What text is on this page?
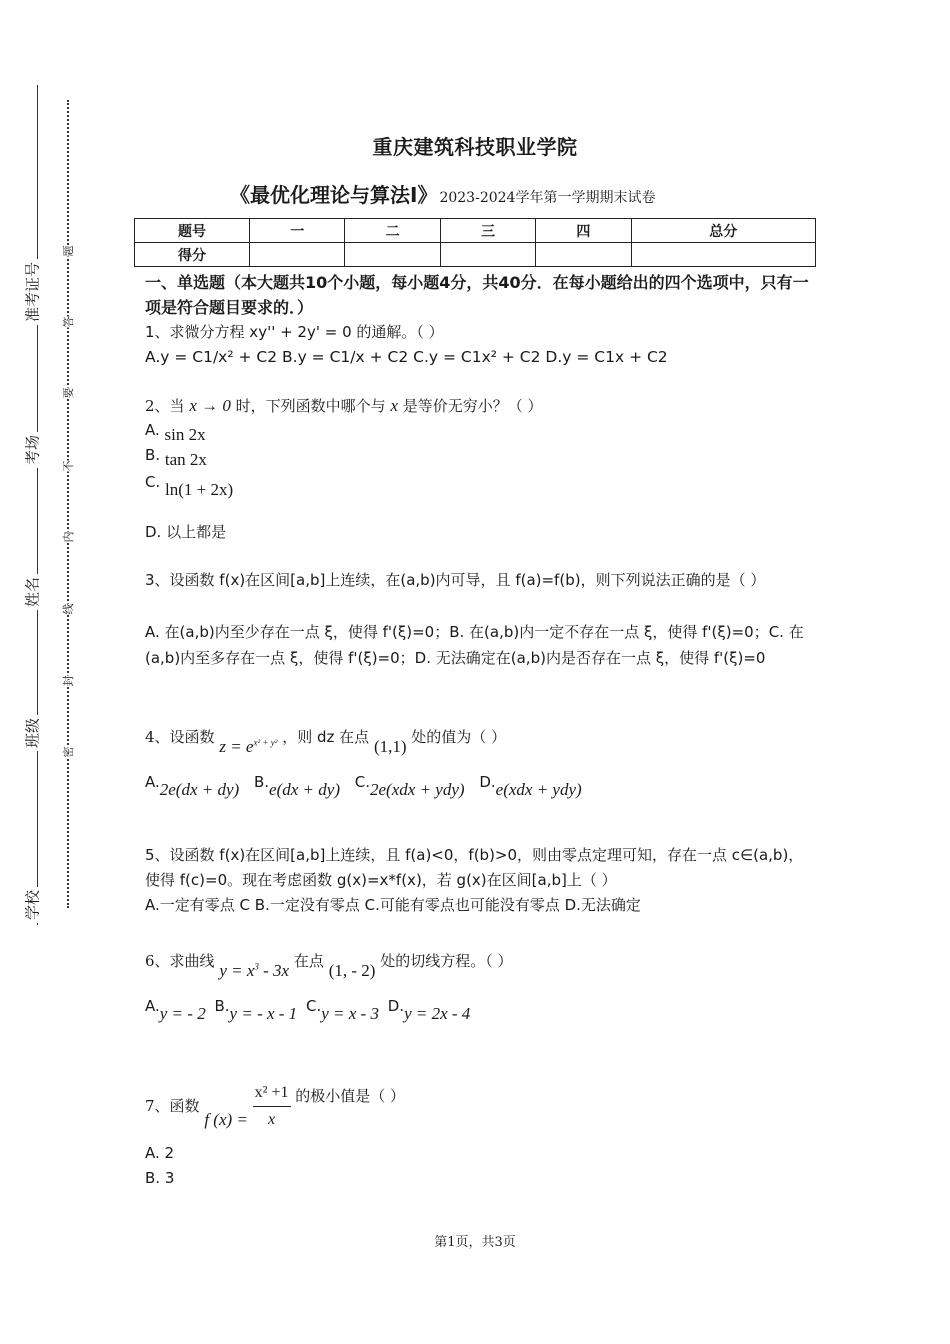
准考证号
考场
姓名
班级
学校
题
答
要
不
内
线
封
密
重庆建筑科技职业学院
《最优化理论与算法Ⅰ》 2023-2024学年第一学期期末试卷
题号	一	二	三	四	总分
得分					
一、单选题（本大题共10个小题，每小题4分，共40分．在每小题给出的四个选项中，只有一项是符合题目要求的．）
1、求微分方程 xy'' + 2y' = 0 的通解。（ ）
A.y = C1/x² + C2 B.y = C1/x + C2 C.y = C1x² + C2 D.y = C1x + C2
2、当 x → 0 时，下列函数中哪个与 x 是等价无穷小？（ ）
A. sin 2x
B. tan 2x
C. ln(1 + 2x)
D. 以上都是
3、设函数 f(x)在区间[a,b]上连续，在(a,b)内可导，且 f(a)=f(b)，则下列说法正确的是（ ）
A. 在(a,b)内至少存在一点 ξ，使得 f'(ξ)=0；B. 在(a,b)内一定不存在一点 ξ，使得 f'(ξ)=0；C. 在(a,b)内至多存在一点 ξ，使得 f'(ξ)=0；D. 无法确定在(a,b)内是否存在一点 ξ，使得 f'(ξ)=0
4、设函数 $z = e^{x^2 + y^2}$ ，则 dz 在点 (1,1) 处的值为（ ）
A.2e(dx + dy) B.e(dx + dy) C.2e(xdx + ydy) D.e(xdx + ydy)
5、设函数 f(x)在区间[a,b]上连续，且 f(a)<0，f(b)>0，则由零点定理可知，存在一点 c∈(a,b)，使得 f(c)=0。现在考虑函数 g(x)=x*f(x)，若 g(x)在区间[a,b]上（ ）
A.一定有零点 C B.一定没有零点 C.可能有零点也可能没有零点 D.无法确定
6、求曲线 $y = x^3 - 3x$ 在点 (1, - 2) 处的切线方程。（ ）
A.y = - 2 B.y = - x - 1 C.y = x - 3 D.y = 2x - 4
7、函数 f $(x) = \frac{\text{x² +1}}{x}$ 的极小值是（ ）
A. 2
B. 3
第1页，共3页
